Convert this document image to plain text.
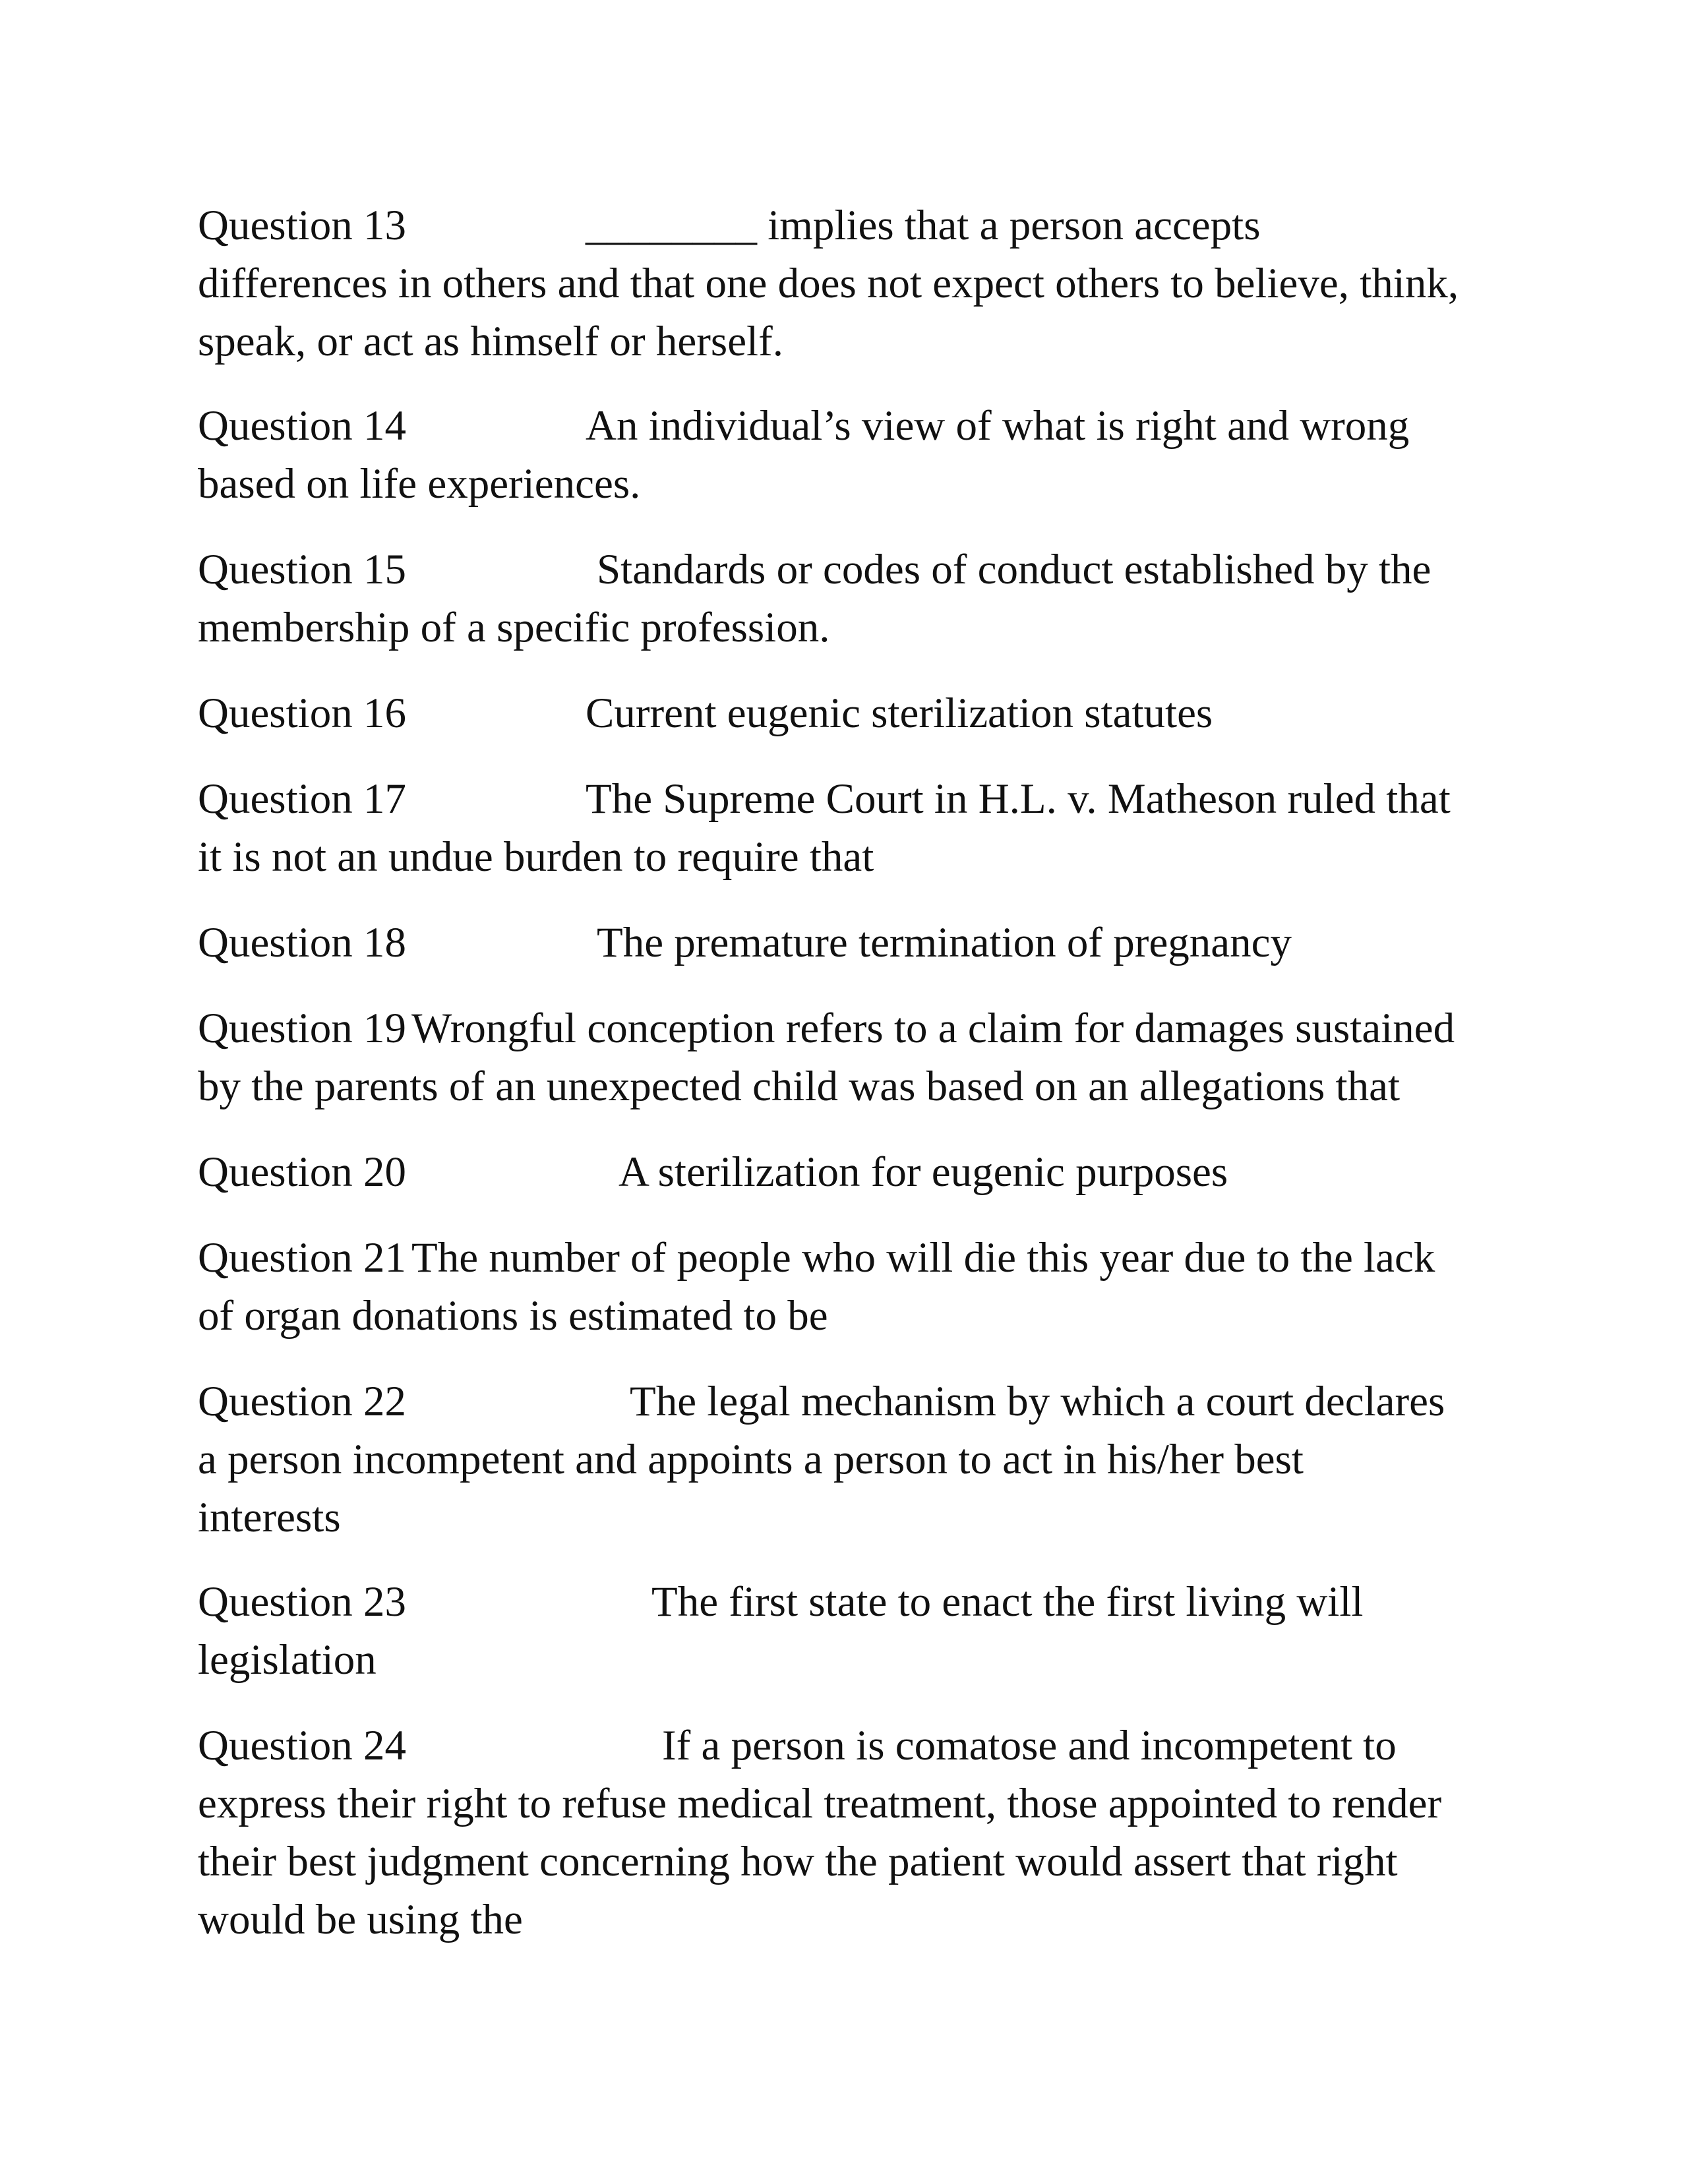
Question 13	________ implies that a person accepts

differences in others and that one does not expect others to believe, think,

speak, or act as himself or herself.

Question 14	An individual’s view of what is right and wrong

based on life experiences.

Question 15	Standards or codes of conduct established by the

membership of a specific profession.

Question 16	Current eugenic sterilization statutes

Question 17	The Supreme Court in H.L. v. Matheson ruled that

it is not an undue burden to require that

Question 18	The premature termination of pregnancy

Question 19 Wrongful conception refers to a claim for damages sustained

by the parents of an unexpected child was based on an allegations that

Question 20	A sterilization for eugenic purposes

Question 21 The number of people who will die this year due to the lack

of organ donations is estimated to be

Question 22	The legal mechanism by which a court declares

a person incompetent and appoints a person to act in his/her best

interests

Question 23	The first state to enact the first living will

legislation

Question 24	If a person is comatose and incompetent to

express their right to refuse medical treatment, those appointed to render

their best judgment concerning how the patient would assert that right

would be using the
